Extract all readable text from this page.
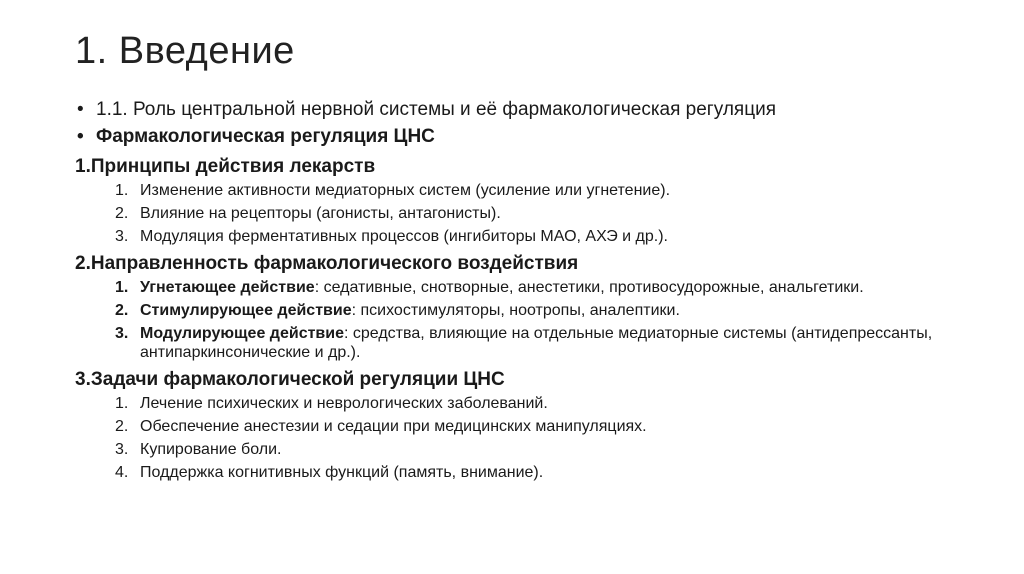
1. Введение
• 1.1. Роль центральной нервной системы и её фармакологическая регуляция
• Фармакологическая регуляция ЦНС
1.Принципы действия лекарств
1. Изменение активности медиаторных систем (усиление или угнетение).
2. Влияние на рецепторы (агонисты, антагонисты).
3. Модуляция ферментативных процессов (ингибиторы МАО, АХЭ и др.).
2.Направленность фармакологического воздействия
1. Угнетающее действие: седативные, снотворные, анестетики, противосудорожные, анальгетики.
2. Стимулирующее действие: психостимуляторы, ноотропы, аналептики.
3. Модулирующее действие: средства, влияющие на отдельные медиаторные системы (антидепрессанты, антипаркинсонические и др.).
3.Задачи фармакологической регуляции ЦНС
1. Лечение психических и неврологических заболеваний.
2. Обеспечение анестезии и седации при медицинских манипуляциях.
3. Купирование боли.
4. Поддержка когнитивных функций (память, внимание).
